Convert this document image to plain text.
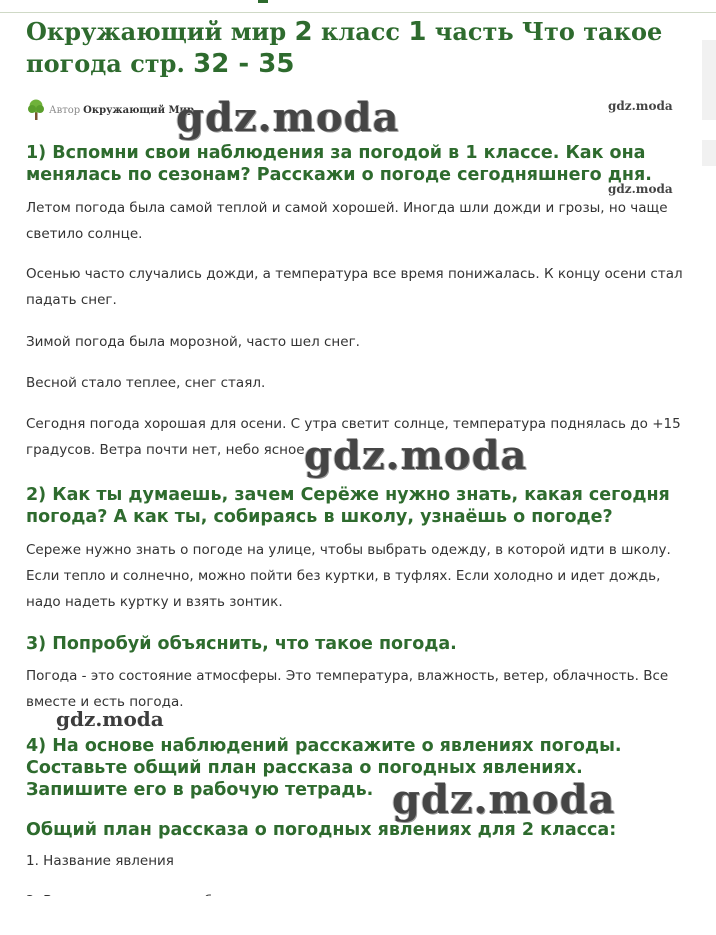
Окружающий мир 2 класс 1 часть Что такое погода стр. 32 - 35
Автор Окружающий Мир
gdz.moda	gdz.moda
1) Вспомни свои наблюдения за погодой в 1 классе. Как она менялась по сезонам? Расскажи о погоде сегодняшнего дня.
gdz.moda

Летом погода была самой теплой и самой хорошей. Иногда шли дожди и грозы, но чаще светило солнце.

Осенью часто случались дожди, а температура все время понижалась. К концу осени стал падать снег.

Зимой погода была морозной, часто шел снег.

Весной стало теплее, снег стаял.

Сегодня погода хорошая для осени. С утра светит солнце, температура поднялась до +15 градусов. Ветра почти нет, небо ясное.

gdz.moda
2) Как ты думаешь, зачем Серёже нужно знать, какая сегодня погода? А как ты, собираясь в школу, узнаёшь о погоде?

Сереже нужно знать о погоде на улице, чтобы выбрать одежду, в которой идти в школу. Если тепло и солнечно, можно пойти без куртки, в туфлях. Если холодно и идет дождь, надо надеть куртку и взять зонтик.

3) Попробуй объяснить, что такое погода.

Погода - это состояние атмосферы. Это температура, влажность, ветер, облачность. Все вместе и есть погода.

gdz.moda
4) На основе наблюдений расскажите о явлениях погоды. Составьте общий план рассказа о погодных явлениях. Запишите его в рабочую тетрадь. gdz.moda
Общий план рассказа о погодных явлениях для 2 класса:

1. Название явления
